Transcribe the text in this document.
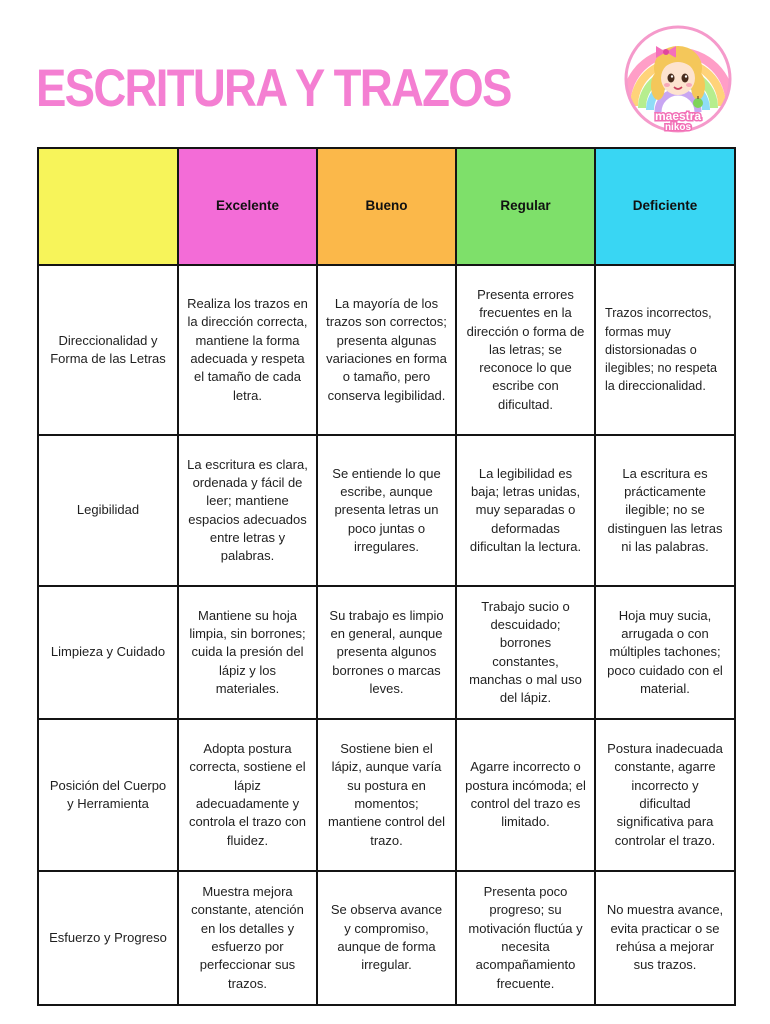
ESCRITURA Y TRAZOS	maestra
nikos
	Excelente	Bueno	Regular	Deficiente
Direccionalidad y Forma de las Letras	Realiza los trazos en la dirección correcta, mantiene la forma adecuada y respeta el tamaño de cada letra.	La mayoría de los trazos son correctos; presenta algunas variaciones en forma o tamaño, pero conserva legibilidad.	Presenta errores frecuentes en la dirección o forma de las letras; se reconoce lo que escribe con dificultad.	Trazos incorrectos, formas muy distorsionadas o ilegibles; no respeta la direccionalidad.
Legibilidad	La escritura es clara, ordenada y fácil de leer; mantiene espacios adecuados entre letras y palabras.	Se entiende lo que escribe, aunque presenta letras un poco juntas o irregulares.	La legibilidad es baja; letras unidas, muy separadas o deformadas dificultan la lectura.	La escritura es prácticamente ilegible; no se distinguen las letras ni las palabras.
Limpieza y Cuidado	Mantiene su hoja limpia, sin borrones; cuida la presión del lápiz y los materiales.	Su trabajo es limpio en general, aunque presenta algunos borrones o marcas leves.	Trabajo sucio o descuidado; borrones constantes, manchas o mal uso del lápiz.	Hoja muy sucia, arrugada o con múltiples tachones; poco cuidado con el material.
Posición del Cuerpo y Herramienta	Adopta postura correcta, sostiene el lápiz adecuadamente y controla el trazo con fluidez.	Sostiene bien el lápiz, aunque varía su postura en momentos; mantiene control del trazo.	Agarre incorrecto o postura incómoda; el control del trazo es limitado.	Postura inadecuada constante, agarre incorrecto y dificultad significativa para controlar el trazo.
Esfuerzo y Progreso	Muestra mejora constante, atención en los detalles y esfuerzo por perfeccionar sus trazos.	Se observa avance y compromiso, aunque de forma irregular.	Presenta poco progreso; su motivación fluctúa y necesita acompañamiento frecuente.	No muestra avance, evita practicar o se rehúsa a mejorar sus trazos.
